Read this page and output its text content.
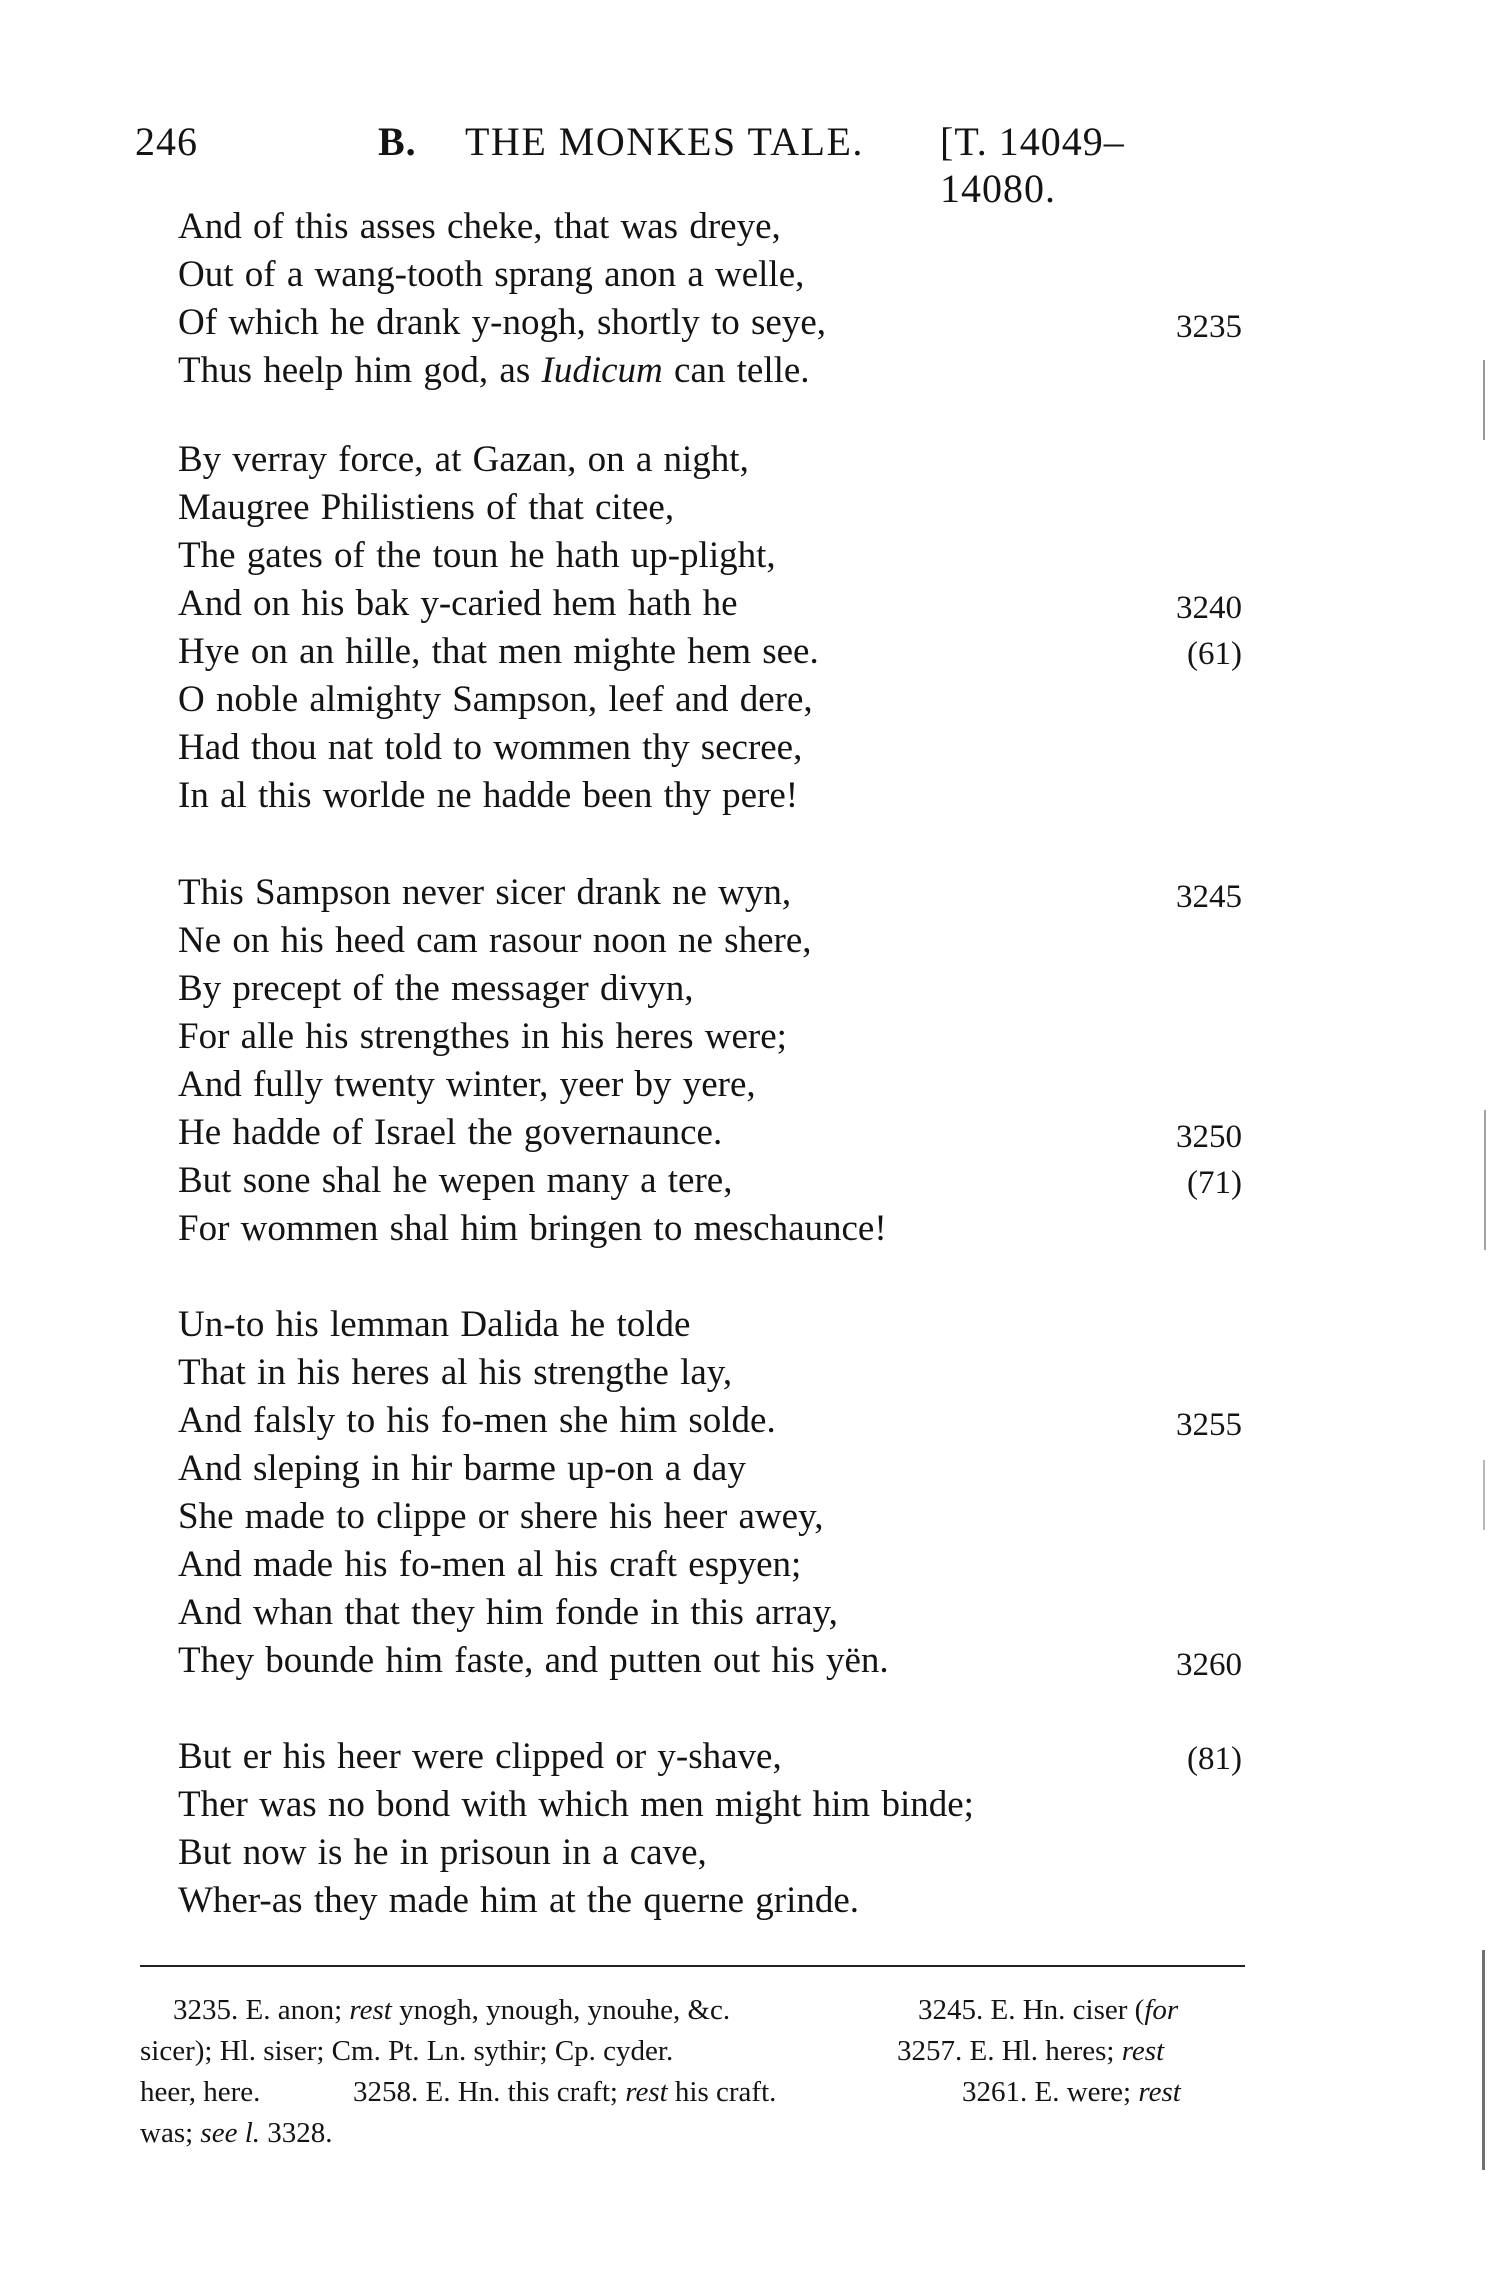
246	B. THE MONKES TALE. [T. 14049–14080.
And of this asses cheke, that was dreye,
Out of a wang-tooth sprang anon a welle,
Of which he drank y-nogh, shortly to seye,
Thus heelp him god, as Iudicum can telle.
By verray force, at Gazan, on a night,
Maugree Philistiens of that citee,
The gates of the toun he hath up-plight,
And on his bak y-caried hem hath he
Hye on an hille, that men mighte hem see.
O noble almighty Sampson, leef and dere,
Had thou nat told to wommen thy secree,
In al this worlde ne hadde been thy pere!
This Sampson never sicer drank ne wyn,
Ne on his heed cam rasour noon ne shere,
By precept of the messager divyn,
For alle his strengthes in his heres were;
And fully twenty winter, yeer by yere,
He hadde of Israel the governaunce.
But sone shal he wepen many a tere,
For wommen shal him bringen to meschaunce!
Un-to his lemman Dalida he tolde
That in his heres al his strengthe lay,
And falsly to his fo-men she him solde.
And sleping in hir barme up-on a day
She made to clippe or shere his heer awey,
And made his fo-men al his craft espyen;
And whan that they him fonde in this array,
They bounde him faste, and putten out his yën.
But er his heer were clipped or y-shave,
Ther was no bond with which men might him binde;
But now is he in prisoun in a cave,
Wher-as they made him at the querne grinde.
3235
3240
(61)
3245
3250
(71)
3255
3260
(81)
3235. E. anon; rest ynogh, ynough, ynouhe, &c.	3245. E. Hn. ciser (for
sicer); Hl. siser; Cm. Pt. Ln. sythir; Cp. cyder.	3257. E. Hl. heres; rest
heer, here.	3258. E. Hn. this craft; rest his craft.	3261. E. were; rest
was; see l. 3328.
